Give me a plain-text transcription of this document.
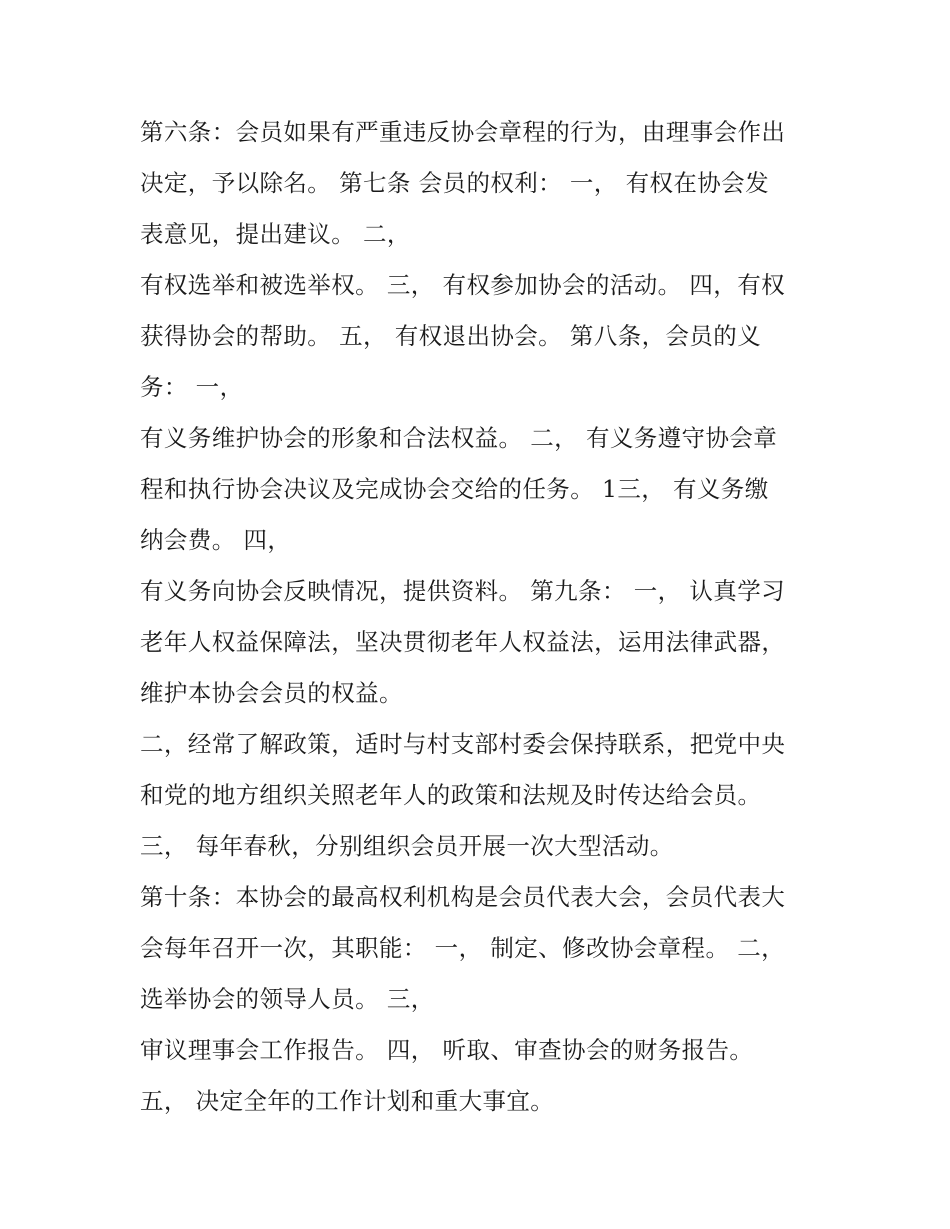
第六条：会员如果有严重违反协会章程的行为，由理事会作出
决定，予以除名。 第七条 会员的权利： 一， 有权在协会发
表意见，提出建议。 二，
有权选举和被选举权。 三， 有权参加协会的活动。 四，有权
获得协会的帮助。 五， 有权退出协会。 第八条，会员的义
务： 一，
有义务维护协会的形象和合法权益。 二， 有义务遵守协会章
程和执行协会决议及完成协会交给的任务。 1三， 有义务缴
纳会费。 四，
有义务向协会反映情况，提供资料。 第九条： 一， 认真学习
老年人权益保障法，坚决贯彻老年人权益法，运用法律武器，
维护本协会会员的权益。
二，经常了解政策，适时与村支部村委会保持联系，把党中央
和党的地方组织关照老年人的政策和法规及时传达给会员。
三， 每年春秋，分别组织会员开展一次大型活动。
第十条：本协会的最高权利机构是会员代表大会，会员代表大
会每年召开一次，其职能： 一， 制定、修改协会章程。 二，
选举协会的领导人员。 三，
审议理事会工作报告。 四， 听取、审查协会的财务报告。
五， 决定全年的工作计划和重大事宜。
